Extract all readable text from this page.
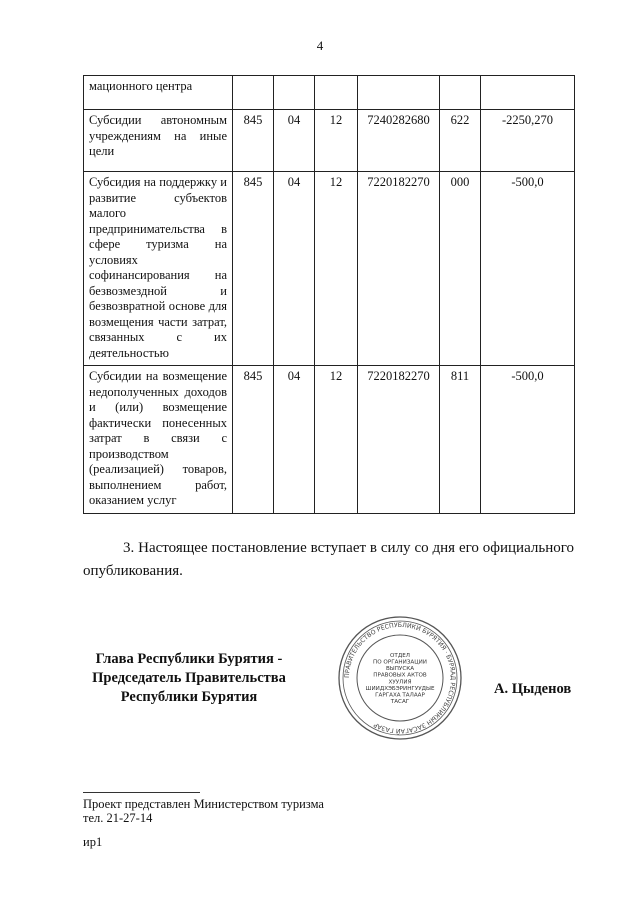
4
мационного центра						
Субсидии автономным учреждениям на иные цели	845	04	12	7240282680	622	-2250,270
Субсидия на поддержку и развитие субъектов малого предпринимательства в сфере туризма на условиях софинансирования на безвозмездной и безвозвратной основе для возмещения части затрат, связанных с их деятельностью	845	04	12	7220182270	000	-500,0
Субсидии на возмещение недополученных доходов и (или) возмещение фактически понесенных затрат в связи с производством (реализацией) товаров, выполнением работ, оказанием услуг	845	04	12	7220182270	811	-500,0
3. Настоящее постановление вступает в силу со дня его официального опубликования.
Глава Республики Бурятия -
Председатель Правительства
Республики Бурятия
ПРАВИТЕЛЬСТВО РЕСПУБЛИКИ БУРЯТИЯ · БУРЯАД РЕСПУБЛИКЫН ЗАСАГАЙ ГАЗАР
ОТДЕЛ
ПО ОРГАНИЗАЦИИ
ВЫПУСКА
ПРАВОВЫХ АКТОВ
ХУУЛИЯ
ШИИДХЭБЭРИНГУУДЫЕ
ГАРГАХА ТАЛААР
ТАСАГ
А. Цыденов
Проект представлен Министерством туризма
тел. 21-27-14
ир1
